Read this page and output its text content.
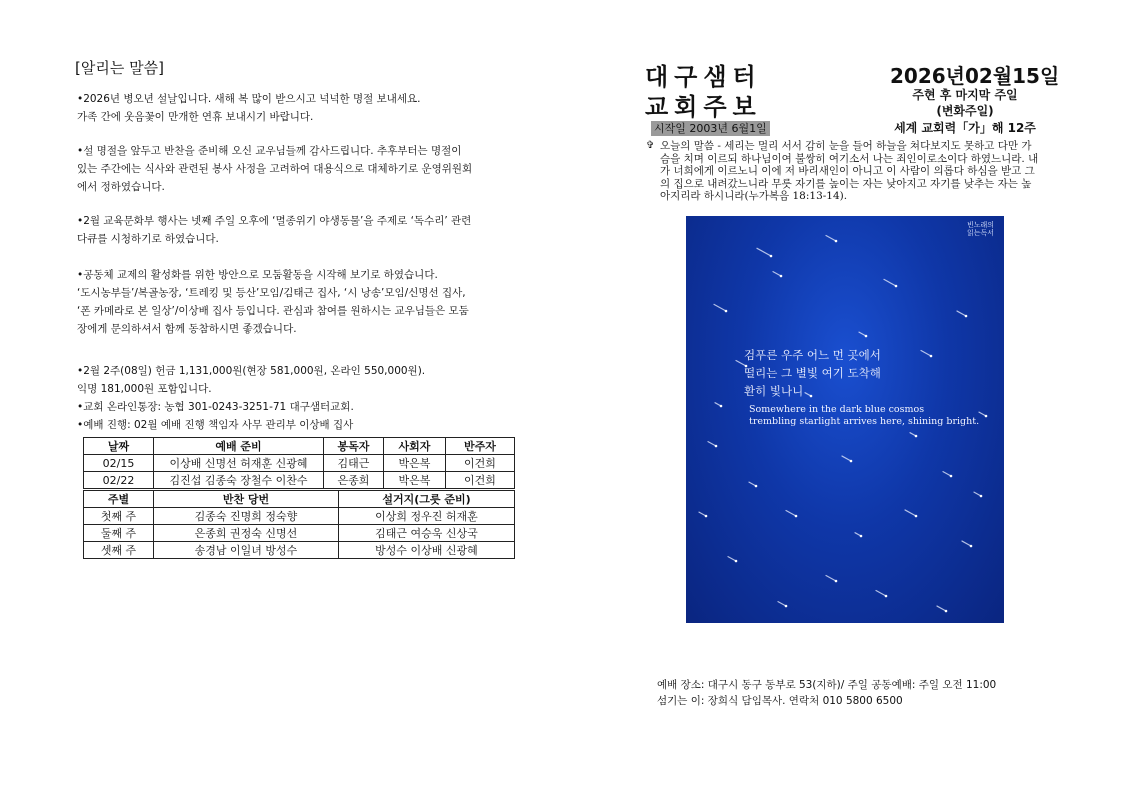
[알리는 말씀]

•2026년 병오년 설날입니다. 새해 복 많이 받으시고 넉넉한 명절 보내세요.

가족 간에 웃음꽃이 만개한 연휴 보내시기 바랍니다.

•설 명절을 앞두고 반찬을 준비해 오신 교우님들께 감사드립니다. 추후부터는 명절이

있는 주간에는 식사와 관련된 봉사 사정을 고려하여 대용식으로 대체하기로 운영위원회

에서 정하였습니다.

•2월 교육문화부 행사는 넷째 주일 오후에 ‘멸종위기 야생동물’을 주제로 ‘독수리’ 관련

다큐를 시청하기로 하였습니다.

•공동체 교제의 활성화를 위한 방안으로 모둠활동을 시작해 보기로 하였습니다.

‘도시농부들’/복골농장, ‘트레킹 및 등산’모임/김태근 집사, ‘시 낭송’모임/신명선 집사,

‘폰 카메라로 본 일상’/이상배 집사 등입니다. 관심과 참여를 원하시는 교우님들은 모둠

장에게 문의하셔서 함께 동참하시면 좋겠습니다.

•2월 2주(08일) 헌금 1,131,000원(현장 581,000원, 온라인 550,000원).

익명 181,000원 포함입니다.

•교회 온라인통장: 농협 301-0243-3251-71 대구샘터교회.

•예배 진행: 02월 예배 진행 책임자 사무 관리부 이상배 집사

날짜	예배 준비	봉독자	사회자	반주자
02/15	이상배 신명선 허재훈 신광혜	김태근	박은복	이건희
02/22	김진섭 김종숙 장철수 이찬수	은종희	박은복	이건희
주별	반찬 당번	설거지(그릇 준비)
첫째 주	김종숙 진명희 정숙향	이상희 정우진 허재훈
둘째 주	은종희 권정숙 신명선	김태근 여승욱 신상국
셋째 주	송경남 이일녀 방성수	방성수 이상배 신광혜
대구샘터
교회주보
시작일 2003년 6월1일
2026년02월15일
주현 후 마지막 주일
(변화주일)
세계 교회력「가」해 12주
✞ 오늘의 말씀 - 세리는 멀리 서서 감히 눈을 들어 하늘을 쳐다보지도 못하고 다만 가슴을 치며 이르되 하나님이여 불쌍히 여기소서 나는 죄인이로소이다 하였느니라. 내가 너희에게 이르노니 이에 저 바리새인이 아니고 이 사람이 의롭다 하심을 받고 그의 집으로 내려갔느니라 무릇 자기를 높이는 자는 낮아지고 자기를 낮추는 자는 높아지리라 하시니라(누가복음 18:13-14).
빈노래의
읽는독서
검푸른 우주 어느 먼 곳에서
떨리는 그 별빛 여기 도착해
환히 빛나니
Somewhere in the dark blue cosmos
trembling starlight arrives here, shining bright.
예배 장소: 대구시 동구 동부로 53(지하)/ 주일 공동예배: 주일 오전 11:00
섬기는 이: 장희식 담임목사. 연락처 010 5800 6500
